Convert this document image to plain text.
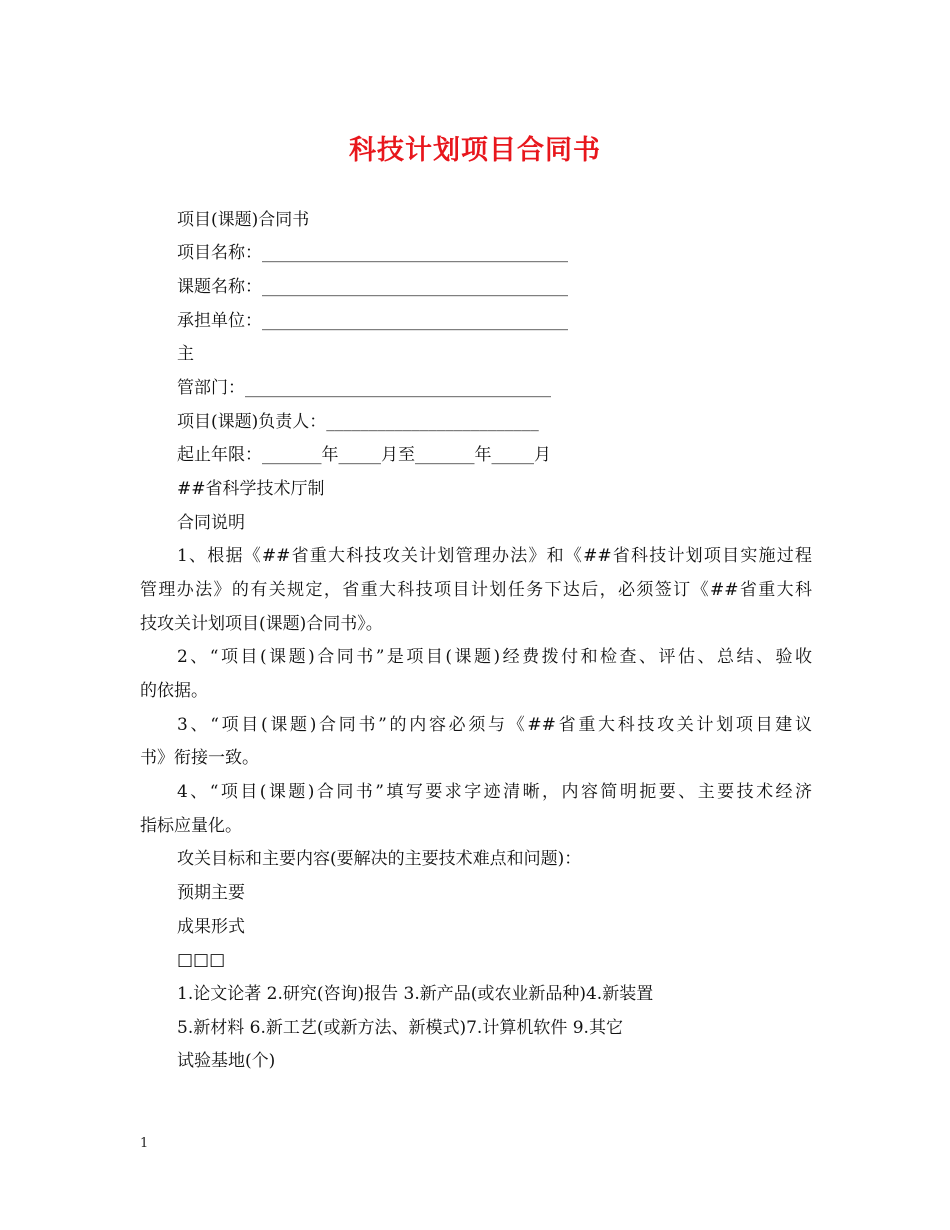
科技计划项目合同书
项目(课题)合同书
项目名称：____________________________________
课题名称：____________________________________
承担单位：____________________________________
主
管部门：____________________________________
项目(课题)负责人：_________________________
起止年限：_______年_____月至_______年_____月
##省科学技术厅制
合同说明
1、根据《##省重大科技攻关计划管理办法》和《##省科技计划项目实施过程
管理办法》的有关规定，省重大科技项目计划任务下达后，必须签订《##省重大科
技攻关计划项目(课题)合同书》。
2、“项目(课题)合同书”是项目(课题)经费拨付和检查、评估、总结、验收
的依据。
3、“项目(课题)合同书”的内容必须与《##省重大科技攻关计划项目建议
书》衔接一致。
4、“项目(课题)合同书”填写要求字迹清晰，内容简明扼要、主要技术经济
指标应量化。
攻关目标和主要内容(要解决的主要技术难点和问题)：
预期主要
成果形式
□□□
1.论文论著 2.研究(咨询)报告 3.新产品(或农业新品种)4.新装置
5.新材料 6.新工艺(或新方法、新模式)7.计算机软件 9.其它
试验基地(个)
1
